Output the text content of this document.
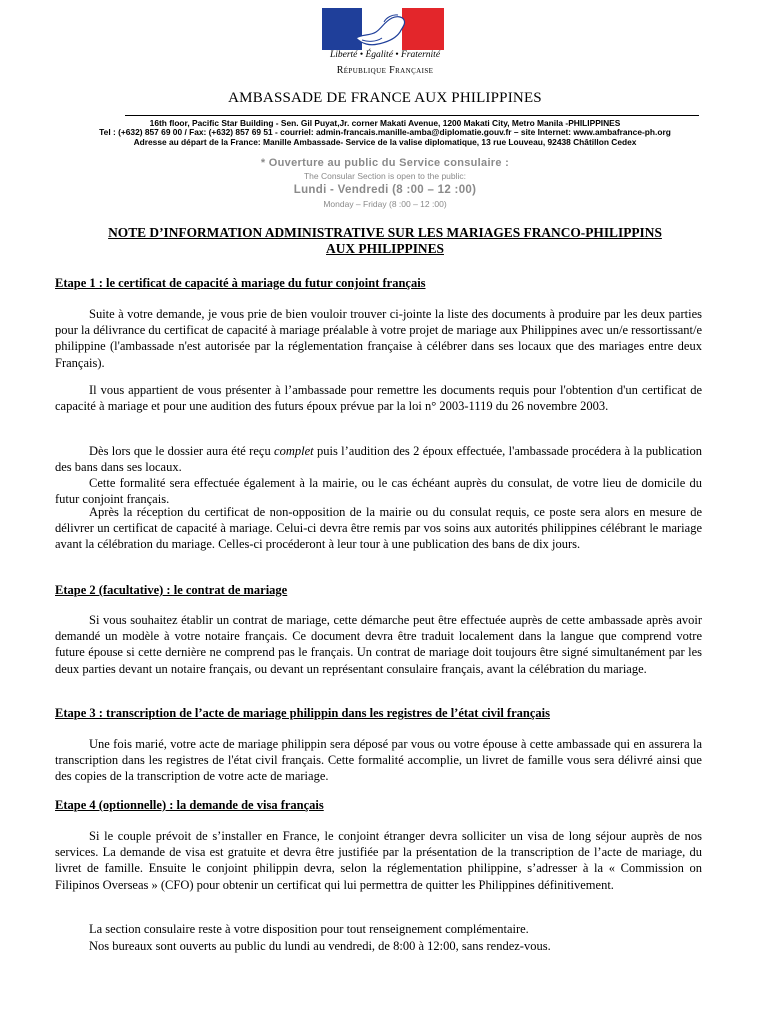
Liberté • Égalité • Fraternité
République Française
AMBASSADE DE FRANCE AUX PHILIPPINES
16th floor, Pacific Star Building - Sen. Gil Puyat,Jr. corner Makati Avenue, 1200 Makati City, Metro Manila -PHILIPPINES
Tel : (+632) 857 69 00 / Fax: (+632) 857 69 51 - courriel: admin-francais.manille-amba@diplomatie.gouv.fr – site Internet: www.ambafrance-ph.org
Adresse au départ de la France: Manille Ambassade- Service de la valise diplomatique, 13 rue Louveau, 92438 Châtillon Cedex
* Ouverture au public du Service consulaire :
The Consular Section is open to the public:
Lundi - Vendredi (8 :00 – 12 :00)
Monday – Friday (8 :00 – 12 :00)
NOTE D’INFORMATION ADMINISTRATIVE SUR LES MARIAGES FRANCO-PHILIPPINS
AUX PHILIPPINES
Etape 1 : le certificat de capacité à mariage du futur conjoint français

Suite à votre demande, je vous prie de bien vouloir trouver ci-jointe la liste des documents à produire par les deux parties pour la délivrance du certificat de capacité à mariage préalable à votre projet de mariage aux Philippines avec un/e ressortissant/e philippine (l'ambassade n'est autorisée par la réglementation française à célébrer dans ses locaux que des mariages entre deux Français).

Il vous appartient de vous présenter à l’ambassade pour remettre les documents requis pour l'obtention d'un certificat de capacité à mariage et pour une audition des futurs époux prévue par la loi n° 2003-1119 du 26 novembre 2003.

Dès lors que le dossier aura été reçu complet puis l’audition des 2 époux effectuée, l'ambassade procédera à la publication des bans dans ses locaux.

Cette formalité sera effectuée également à la mairie, ou le cas échéant auprès du consulat, de votre lieu de domicile du futur conjoint français.

Après la réception du certificat de non-opposition de la mairie ou du consulat requis, ce poste sera alors en mesure de délivrer un certificat de capacité à mariage. Celui-ci devra être remis par vos soins aux autorités philippines célébrant le mariage avant la célébration du mariage. Celles-ci procéderont à leur tour à une publication des bans de dix jours.

Etape 2 (facultative) : le contrat de mariage

Si vous souhaitez établir un contrat de mariage, cette démarche peut être effectuée auprès de cette ambassade après avoir demandé un modèle à votre notaire français. Ce document devra être traduit localement dans la langue que comprend votre future épouse si cette dernière ne comprend pas le français. Un contrat de mariage doit toujours être signé simultanément par les deux parties devant un notaire français, ou devant un représentant consulaire français, avant la célébration du mariage.

Etape 3 : transcription de l’acte de mariage philippin dans les registres de l’état civil français

Une fois marié, votre acte de mariage philippin sera déposé par vous ou votre épouse à cette ambassade qui en assurera la transcription dans les registres de l'état civil français. Cette formalité accomplie, un livret de famille vous sera délivré ainsi que des copies de la transcription de votre acte de mariage.

Etape 4 (optionnelle) : la demande de visa français

Si le couple prévoit de s’installer en France, le conjoint étranger devra solliciter un visa de long séjour auprès de nos services. La demande de visa est gratuite et devra être justifiée par la présentation de la transcription de l’acte de mariage, du livret de famille. Ensuite le conjoint philippin devra, selon la réglementation philippine, s’adresser à la « Commission on Filipinos Overseas » (CFO) pour obtenir un certificat qui lui permettra de quitter les Philippines définitivement.

La section consulaire reste à votre disposition pour tout renseignement complémentaire.

Nos bureaux sont ouverts au public du lundi au vendredi, de 8:00 à 12:00, sans rendez-vous.
